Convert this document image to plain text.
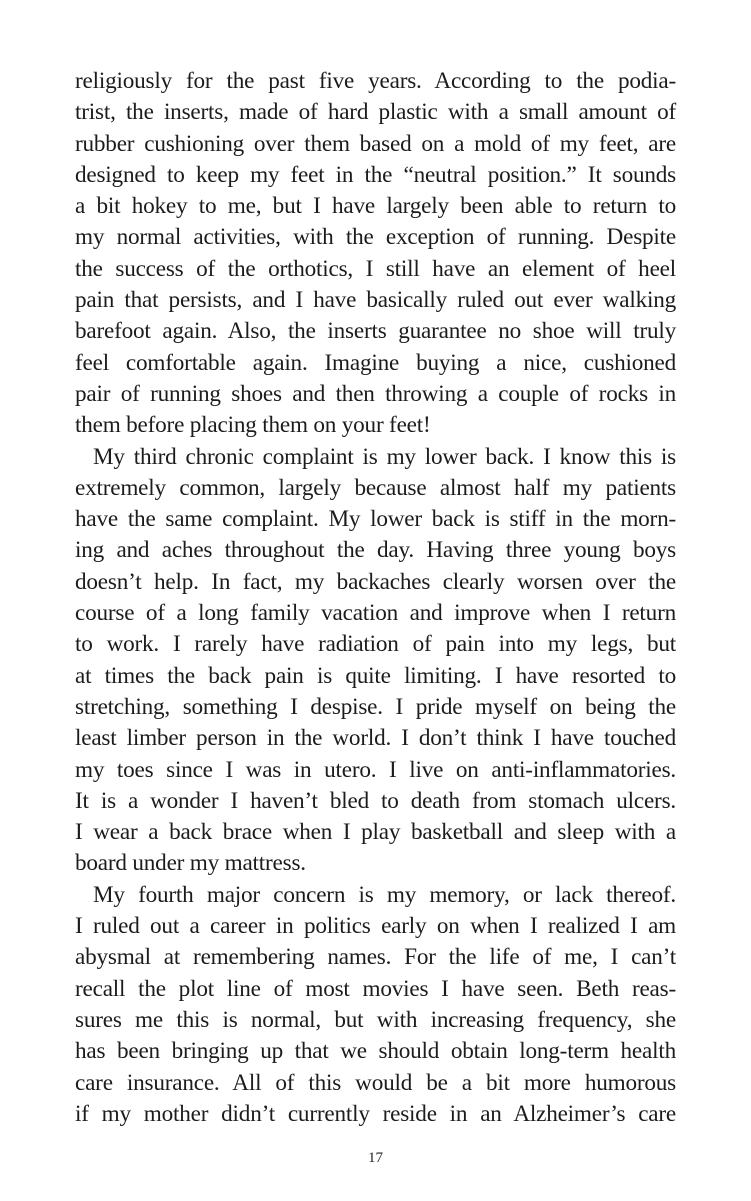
religiously for the past five years. According to the podia-
trist, the inserts, made of hard plastic with a small amount of
rubber cushioning over them based on a mold of my feet, are
designed to keep my feet in the “neutral position.” It sounds
a bit hokey to me, but I have largely been able to return to
my normal activities, with the exception of running. Despite
the success of the orthotics, I still have an element of heel
pain that persists, and I have basically ruled out ever walking
barefoot again. Also, the inserts guarantee no shoe will truly
feel comfortable again. Imagine buying a nice, cushioned
pair of running shoes and then throwing a couple of rocks in
them before placing them on your feet!
My third chronic complaint is my lower back. I know this is
extremely common, largely because almost half my patients
have the same complaint. My lower back is stiff in the morn-
ing and aches throughout the day. Having three young boys
doesn’t help. In fact, my backaches clearly worsen over the
course of a long family vacation and improve when I return
to work. I rarely have radiation of pain into my legs, but
at times the back pain is quite limiting. I have resorted to
stretching, something I despise. I pride myself on being the
least limber person in the world. I don’t think I have touched
my toes since I was in utero. I live on anti-inflammatories.
It is a wonder I haven’t bled to death from stomach ulcers.
I wear a back brace when I play basketball and sleep with a
board under my mattress.
My fourth major concern is my memory, or lack thereof.
I ruled out a career in politics early on when I realized I am
abysmal at remembering names. For the life of me, I can’t
recall the plot line of most movies I have seen. Beth reas-
sures me this is normal, but with increasing frequency, she
has been bringing up that we should obtain long-term health
care insurance. All of this would be a bit more humorous
if my mother didn’t currently reside in an Alzheimer’s care
17
